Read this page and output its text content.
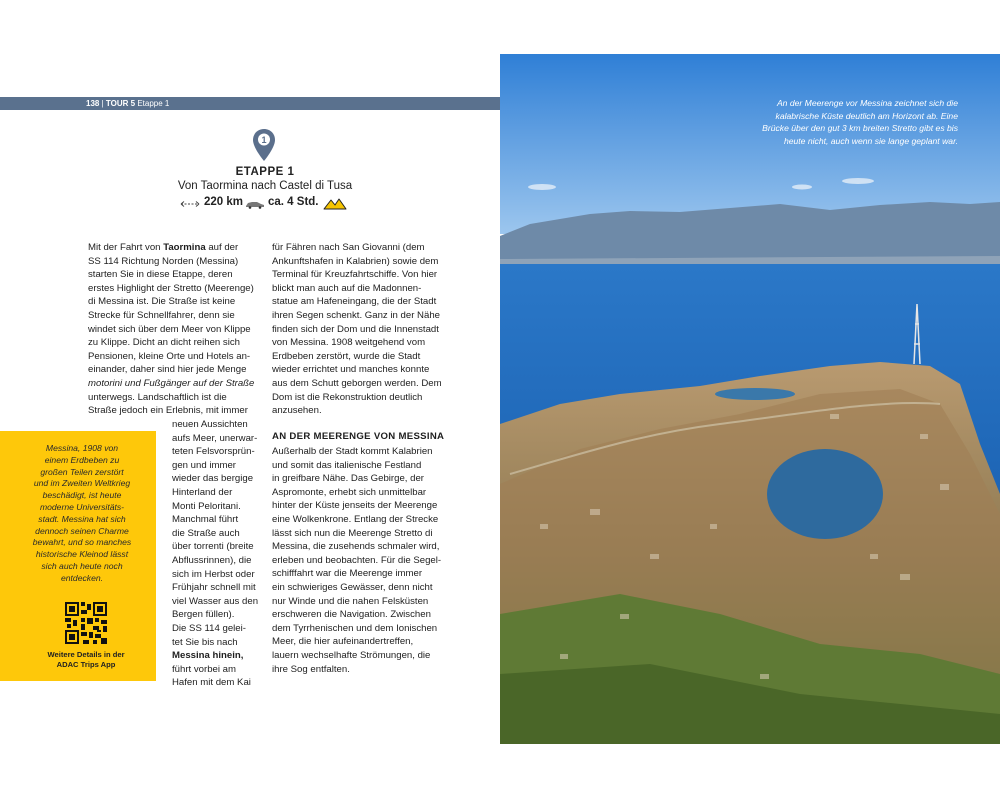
138 | TOUR 5 Etappe 1
1
ETAPPE 1
Von Taormina nach Castel di Tusa
220 km ca. 4 Std.
Mit der Fahrt von Taormina auf der
SS 114 Richtung Norden (Messina)
starten Sie in diese Etappe, deren
erstes Highlight der Stretto (Meerenge)
di Messina ist. Die Straße ist keine
Strecke für Schnellfahrer, denn sie
windet sich über dem Meer von Klippe
zu Klippe. Dicht an dicht reihen sich
Pensionen, kleine Orte und Hotels an-
einander, daher sind hier jede Menge
motorini und Fußgänger auf der Straße
unterwegs. Landschaftlich ist die
Straße jedoch ein Erlebnis, mit immer
neuen Aussichten
aufs Meer, unerwar-
teten Felsvorsprün-
gen und immer
wieder das bergige
Hinterland der
Monti Peloritani.
Manchmal führt
die Straße auch
über torrenti (breite
Abflussrinnen), die
sich im Herbst oder
Frühjahr schnell mit
viel Wasser aus den
Bergen füllen).
Die SS 114 gelei-
tet Sie bis nach
Messina hinein,
führt vorbei am
Hafen mit dem Kai
für Fähren nach San Giovanni (dem
Ankunftshafen in Kalabrien) sowie dem
Terminal für Kreuzfahrtschiffe. Von hier
blickt man auch auf die Madonnen-
statue am Hafeneingang, die der Stadt
ihren Segen schenkt. Ganz in der Nähe
finden sich der Dom und die Innenstadt
von Messina. 1908 weitgehend vom
Erdbeben zerstört, wurde die Stadt
wieder errichtet und manches konnte
aus dem Schutt geborgen werden. Dem
Dom ist die Rekonstruktion deutlich
anzusehen.
AN DER MEERENGE VON MESSINA
Außerhalb der Stadt kommt Kalabrien
und somit das italienische Festland
in greifbare Nähe. Das Gebirge, der
Aspromonte, erhebt sich unmittelbar
hinter der Küste jenseits der Meerenge
eine Wolkenkrone. Entlang der Strecke
lässt sich nun die Meerenge Stretto di
Messina, die zusehends schmaler wird,
erleben und beobachten. Für die Segel-
schifffahrt war die Meerenge immer
ein schwieriges Gewässer, denn nicht
nur Winde und die nahen Felsküsten
erschweren die Navigation. Zwischen
dem Tyrrhenischen und dem Ionischen
Meer, die hier aufeinandertreffen,
lauern wechselhafte Strömungen, die
ihre Sog entfalten.
Messina, 1908 von
einem Erdbeben zu
großen Teilen zerstört
und im Zweiten Weltkrieg
beschädigt, ist heute
moderne Universitäts-
stadt. Messina hat sich
dennoch seinen Charme
bewahrt, und so manches
historische Kleinod lässt
sich auch heute noch
entdecken.
Weitere Details in der
ADAC Trips App
An der Meerenge vor Messina zeichnet sich die
kalabrische Küste deutlich am Horizont ab. Eine
Brücke über den gut 3 km breiten Stretto gibt es bis
heute nicht, auch wenn sie lange geplant war.
